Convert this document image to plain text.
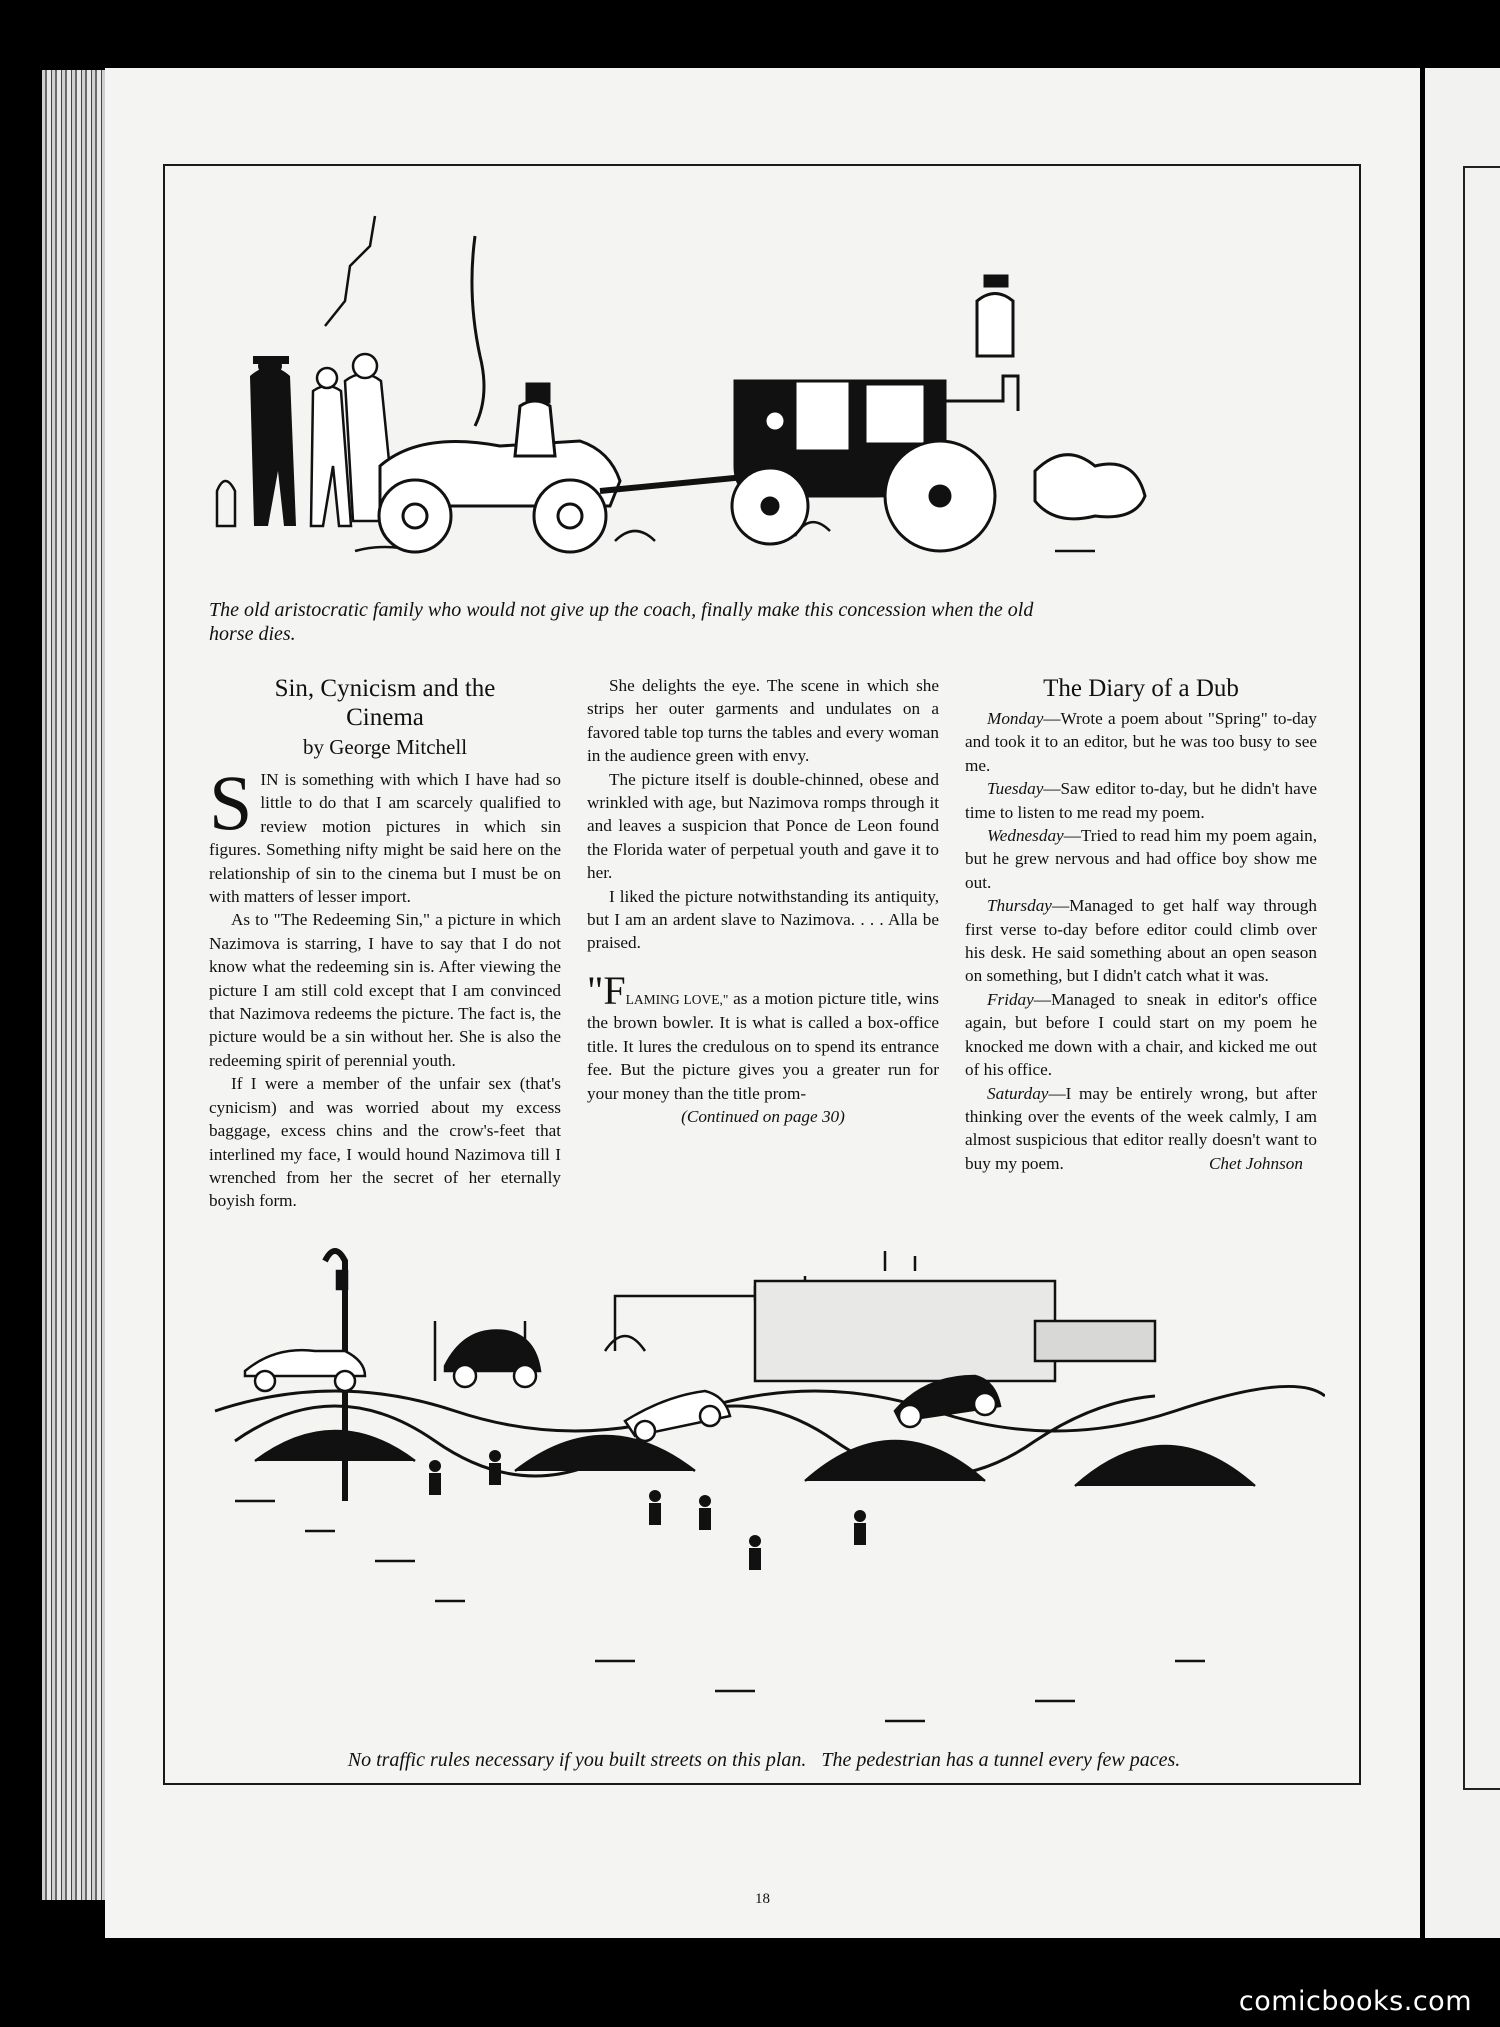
The old aristocratic family who would not give up the coach, finally make this concession when the old
horse dies.
Sin, Cynicism and the
Cinema
by George Mitchell

SIN is something with which I have had so little to do that I am scarcely qualified to review motion pictures in which sin figures. Something nifty might be said here on the relationship of sin to the cinema but I must be on with matters of lesser import.

As to "The Redeeming Sin," a picture in which Nazimova is starring, I have to say that I do not know what the redeeming sin is. After viewing the picture I am still cold except that I am convinced that Nazimova redeems the picture. The fact is, the picture would be a sin without her. She is also the redeeming spirit of perennial youth.

If I were a member of the unfair sex (that's cynicism) and was worried about my excess baggage, excess chins and the crow's-feet that interlined my face, I would hound Nazimova till I wrenched from her the secret of her eternally boyish form.

She delights the eye. The scene in which she strips her outer garments and undulates on a favored table top turns the tables and every woman in the audience green with envy.

The picture itself is double-chinned, obese and wrinkled with age, but Nazimova romps through it and leaves a suspicion that Ponce de Leon found the Florida water of perpetual youth and gave it to her.

I liked the picture notwithstanding its antiquity, but I am an ardent slave to Nazimova. . . . Alla be praised.

"FLAMING LOVE," as a motion picture title, wins the brown bowler. It is what is called a box-office title. It lures the credulous on to spend its entrance fee. But the picture gives you a greater run for your money than the title prom-

(Continued on page 30)
The Diary of a Dub

Monday—Wrote a poem about "Spring" to-day and took it to an editor, but he was too busy to see me.

Tuesday—Saw editor to-day, but he didn't have time to listen to me read my poem.

Wednesday—Tried to read him my poem again, but he grew nervous and had office boy show me out.

Thursday—Managed to get half way through first verse to-day before editor could climb over his desk. He said something about an open season on something, but I didn't catch what it was.

Friday—Managed to sneak in editor's office again, but before I could start on my poem he knocked me down with a chair, and kicked me out of his office.

Saturday—I may be entirely wrong, but after thinking over the events of the week calmly, I am almost suspicious that editor really doesn't want to buy my poem.	Chet Johnson
No traffic rules necessary if you built streets on this plan.   The pedestrian has a tunnel every few paces.
18
comicbooks.com
